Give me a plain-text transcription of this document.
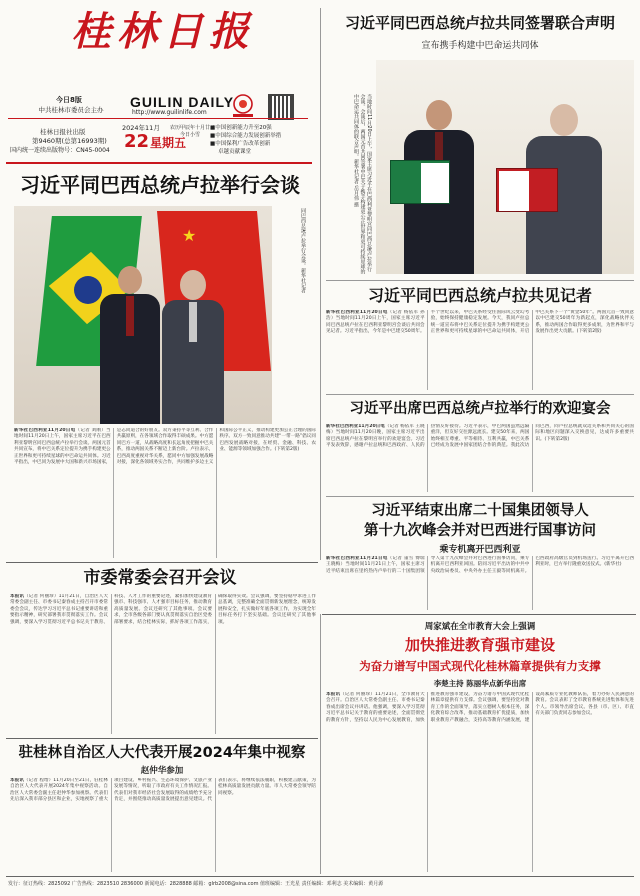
桂林日报
今日8版
中共桂林市委员会主办	GUILIN DAILY
http://www.guilinlife.com
桂林日报社出版
第9460期(总第16993期)
国内统一连续出版物号：CN45-0004
2024年11月
22 星期五
农历甲辰年十月廿二
今日小雪
■中国创新能力升至20强
■中国综合能力发展创新举措
■中国保利广告改革创新
卓越贡献课堂
习近平同巴西总统卢拉举行会谈
★	同巴西总统卢拉举行会谈。新华社记者
新华社巴西利亚11月20日电（记者 刘刚）当地时间11月20日上午，国家主席习近平在巴西利亚黎明宫同巴西总统卢拉举行会谈。两国元首共同宣布，将中巴关系定位提升为携手构建更公正世界和更可持续星球的中巴命运共同体。习近平指出，中巴同为发展中大国和新兴市场国家，是志同道合的好朋友。双方秉持平等互利、合作共赢原则，在各领域合作取得丰硕成果。中方愿同巴方一道，从战略高度和长远角度把握中巴关系，推动两国关系不断迈上新台阶。卢拉表示，巴西高度重视对华关系，愿同中方加强发展战略对接，深化各领域务实合作，共同维护多边主义和国际公平正义，推动构建更加公正合理的国际秩序。双方一致同意推动共建“一带一路”倡议同巴西发展战略对接，在经贸、金融、科技、农业、能源等领域加强合作。(下转第2版)
习近平同巴西总统卢拉共同签署联合声明
宣布携手构建中巴命运共同体
当地时间11月20日上午，国家主席习近平在巴西利亚黎明宫同巴西总统卢拉举行会谈。会谈后，两国元首共同签署中巴关于携手构建更公正世界和更可持续星球的中巴命运共同体的联合声明。新华社记者 岳月伟 摄
习近平同巴西总统卢拉共见记者
新华社巴西利亚11月20日电（记者 杨依军 孙浩）当地时间11月20日上午，国家主席习近平同巴西总统卢拉在巴西利亚黎明宫会谈后共同会见记者。习近平指出，今年是中巴建交50周年。半个世纪以来，中巴关系经受住国际风云变幻考验，始终保持健康稳定发展。今天，我同卢拉总统一道宣布将中巴关系定位提升为携手构建更公正世界和更可持续星球的中巴命运共同体，开启中巴关系下一个“黄金50年”。两国元首一致同意以中巴建交50周年为新起点，深化战略伙伴关系，推动两国合作取得更多成果，为世界和平与发展作出更大贡献。(下转第2版)
习近平出席巴西总统卢拉举行的欢迎宴会
新华社巴西利亚11月20日电（记者 杨依军 王晓梅）当地时间11月20日晚，国家主席习近平出席巴西总统卢拉在黎明宫举行的欢迎宴会。习近平发表致辞，感谢卢拉总统和巴西政府、人民的热情友好接待。习近平表示，中巴两国虽然远隔重洋，但友好交往源远流长。建交50年来，两国始终相互尊重、平等相待、互利共赢，中巴关系已经成为发展中国家团结合作的典范。我此次访问巴西，同卢拉总统就双边关系和共同关心的国际和地区问题深入交换意见，达成许多重要共识。(下转第2版)
习近平结束出席二十国集团领导人
第十九次峰会并对巴西进行国事访问
乘专机离开巴西利亚
新华社巴西利亚11月21日电（记者 董雪 傅瑞 王晓梅）当地时间11月21日上午，国家主席习近平结束出席在里约热内卢举行的二十国集团领导人第十九次峰会并对巴西进行国事访问，乘专机离开巴西利亚回国。陪同习近平出访的中共中央政治局委员、中央外办主任王毅等同机离开。巴西政府高级官员到机场送行。习近平离开巴西利亚时，巴方举行隆重欢送仪式。(新华社)
市委常委会召开会议
本报讯（记者 何丽珍）11月21日，自治区人大常委会副主任、市委书记秦春成主持召开市委常委会会议，传达学习习近平总书记重要讲话和重要指示精神，研究部署我市贯彻落实工作。会议强调，要深入学习贯彻习近平总书记关于教育、科技、人才工作的重要论述，紧扣加快建设教育强市、科技强市、人才强市目标任务，推动教育高质量发展。会议还研究了其他事项。会议要求，全市各级各部门要认真贯彻落实自治区党委部署要求，结合桂林实际，抓好各项工作落实，确保取得实效。会议强调，要坚持稳中求进工作总基调，完整准确全面贯彻新发展理念，统筹发展和安全，扎实做好年底各项工作，为实现全年目标任务打下坚实基础。会议还研究了其他事项。
驻桂林自治区人大代表开展2024年集中视察
赵仲华参加
本报讯（记者 程增）11月20日至21日，驻桂林自治区人大代表开展2024年集中视察活动。自治区人大常委会副主任赵仲华参加视察。代表们先后深入我市部分县区和企业，实地视察了重大项目建设、乡村振兴、生态环境保护、文旅产业发展等情况，听取了市政府有关工作情况汇报。代表们对我市经济社会发展取得的成绩给予充分肯定，并围绕推动高质量发展提出意见建议。代表们表示，将继续依法履职，积极建言献策，为桂林高质量发展贡献力量。市人大常委会领导陪同视察。
周家斌在全市教育大会上强调
加快推进教育强市建设
为奋力谱写中国式现代化桂林篇章提供有力支撑
李楚主持 陈丽华点新华出席
本报讯（记者 何丽珍）11月21日，全市教育大会召开。自治区人大常委会副主任、市委书记秦春成出席会议并讲话。他强调，要深入学习贯彻习近平总书记关于教育的重要论述，全面贯彻党的教育方针，坚持以人民为中心发展教育，加快推进教育强市建设，为奋力谱写中国式现代化桂林篇章提供有力支撑。会议强调，要坚持党对教育工作的全面领导，落实立德树人根本任务，深化教育综合改革，推动基础教育扩优提质，加快职业教育产教融合，支持高等教育内涵发展，建设高素质专业化教师队伍，着力办好人民满意的教育。会议表彰了全市教育系统先进集体和先进个人。市领导出席会议。各县（市、区）、市直有关部门负责同志参加会议。
发行：征订热线：2825092 广告热线：2823510 2836000 新闻电话：2828888 邮箱：glrb2008@sina.com 值班编辑：王光星 责任编辑：邓利志 美术编辑：黄月源
